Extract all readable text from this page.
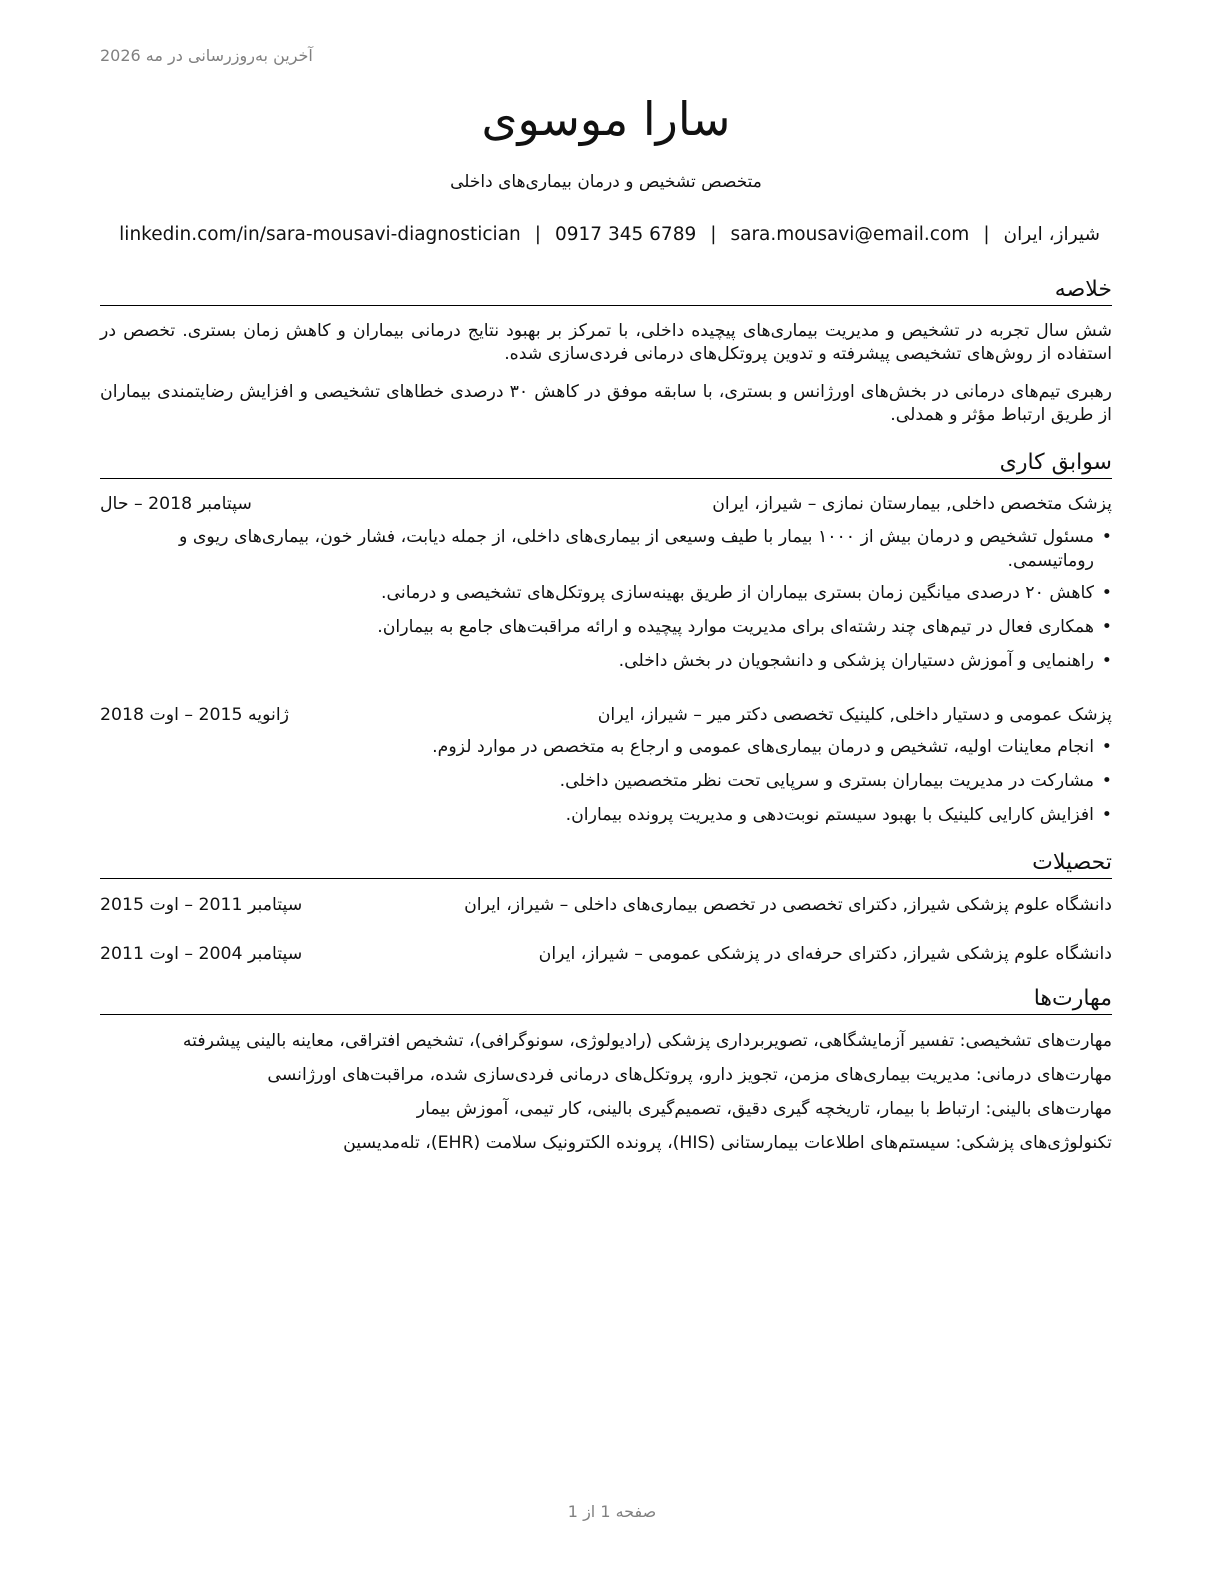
آخرین به‌روزرسانی در مه 2026
سارا موسوی
متخصص تشخیص و درمان بیماری‌های داخلی
شیراز، ایران|sara.mousavi@email.com|0917 345 6789|linkedin.com/in/sara-mousavi-diagnostician
خلاصه
شش سال تجربه در تشخیص و مدیریت بیماری‌های پیچیده داخلی، با تمرکز بر بهبود نتایج درمانی بیماران و کاهش زمان بستری. تخصص در استفاده از روش‌های تشخیصی پیشرفته و تدوین پروتکل‌های درمانی فردی‌سازی شده.
رهبری تیم‌های درمانی در بخش‌های اورژانس و بستری، با سابقه موفق در کاهش ۳۰ درصدی خطاهای تشخیصی و افزایش رضایتمندی بیماران از طریق ارتباط مؤثر و همدلی.
سوابق کاری
پزشک متخصص داخلی, بیمارستان نمازی – شیراز، ایران
سپتامبر 2018 – حال
• مسئول تشخیص و درمان بیش از ۱۰۰۰ بیمار با طیف وسیعی از بیماری‌های داخلی، از جمله دیابت، فشار خون، بیماری‌های ریوی و روماتیسمی.
• کاهش ۲۰ درصدی میانگین زمان بستری بیماران از طریق بهینه‌سازی پروتکل‌های تشخیصی و درمانی.
• همکاری فعال در تیم‌های چند رشته‌ای برای مدیریت موارد پیچیده و ارائه مراقبت‌های جامع به بیماران.
• راهنمایی و آموزش دستیاران پزشکی و دانشجویان در بخش داخلی.
پزشک عمومی و دستیار داخلی, کلینیک تخصصی دکتر میر – شیراز، ایران
ژانویه 2015 – اوت 2018
• انجام معاینات اولیه، تشخیص و درمان بیماری‌های عمومی و ارجاع به متخصص در موارد لزوم.
• مشارکت در مدیریت بیماران بستری و سرپایی تحت نظر متخصصین داخلی.
• افزایش کارایی کلینیک با بهبود سیستم نوبت‌دهی و مدیریت پرونده بیماران.
تحصیلات
دانشگاه علوم پزشکی شیراز, دکترای تخصصی در تخصص بیماری‌های داخلی – شیراز، ایران
سپتامبر 2011 – اوت 2015
دانشگاه علوم پزشکی شیراز, دکترای حرفه‌ای در پزشکی عمومی – شیراز، ایران
سپتامبر 2004 – اوت 2011
مهارت‌ها
مهارت‌های تشخیصی: تفسیر آزمایشگاهی، تصویربرداری پزشکی (رادیولوژی، سونوگرافی)، تشخیص افتراقی، معاینه بالینی پیشرفته
مهارت‌های درمانی: مدیریت بیماری‌های مزمن، تجویز دارو، پروتکل‌های درمانی فردی‌سازی شده، مراقبت‌های اورژانسی
مهارت‌های بالینی: ارتباط با بیمار، تاریخچه گیری دقیق، تصمیم‌گیری بالینی، کار تیمی، آموزش بیمار
تکنولوژی‌های پزشکی: سیستم‌های اطلاعات بیمارستانی (HIS)، پرونده الکترونیک سلامت (EHR)، تله‌مدیسین
صفحه 1 از 1
